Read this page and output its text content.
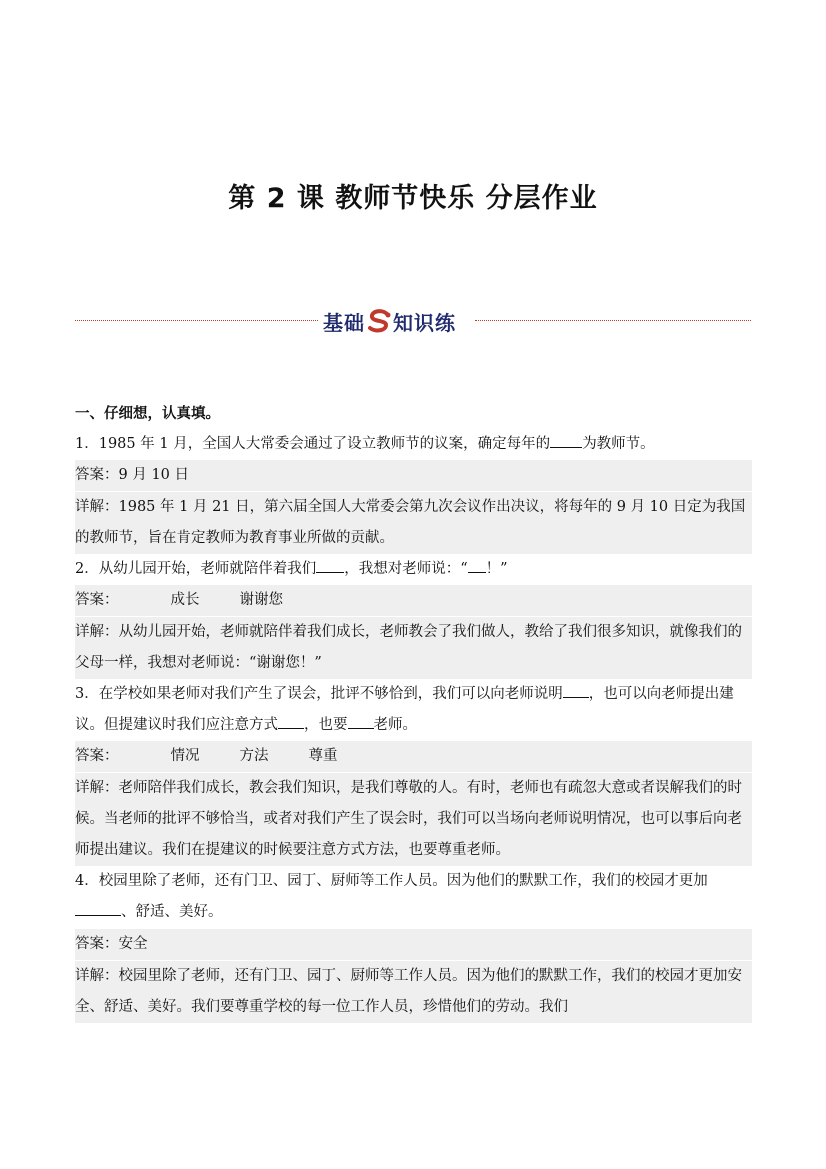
第 2 课 教师节快乐 分层作业
基础 知识练
一、仔细想，认真填。
1．1985 年 1 月，全国人大常委会通过了设立教师节的议案，确定每年的 为教师节。
答案：9 月 10 日
详解：1985 年 1 月 21 日，第六届全国人大常委会第九次会议作出决议，将每年的 9 月 10 日定为我国的教师节，旨在肯定教师为教育事业所做的贡献。
2．从幼儿园开始，老师就陪伴着我们 ，我想对老师说：“ ！”
答案：	成长	谢谢您
详解：从幼儿园开始，老师就陪伴着我们成长，老师教会了我们做人，教给了我们很多知识，就像我们的父母一样，我想对老师说：“谢谢您！”
3．在学校如果老师对我们产生了误会，批评不够恰到，我们可以向老师说明 ，也可以向老师提出建议。但提建议时我们应注意方式 ，也要 老师。
答案：	情况	方法	尊重
详解：老师陪伴我们成长，教会我们知识，是我们尊敬的人。有时，老师也有疏忽大意或者误解我们的时候。当老师的批评不够恰当，或者对我们产生了误会时，我们可以当场向老师说明情况，也可以事后向老师提出建议。我们在提建议的时候要注意方式方法，也要尊重老师。
4．校园里除了老师，还有门卫、园丁、厨师等工作人员。因为他们的默默工作，我们的校园才更加、舒适、美好。
答案：安全
详解：校园里除了老师，还有门卫、园丁、厨师等工作人员。因为他们的默默工作，我们的校园才更加安全、舒适、美好。我们要尊重学校的每一位工作人员，珍惜他们的劳动。我们
